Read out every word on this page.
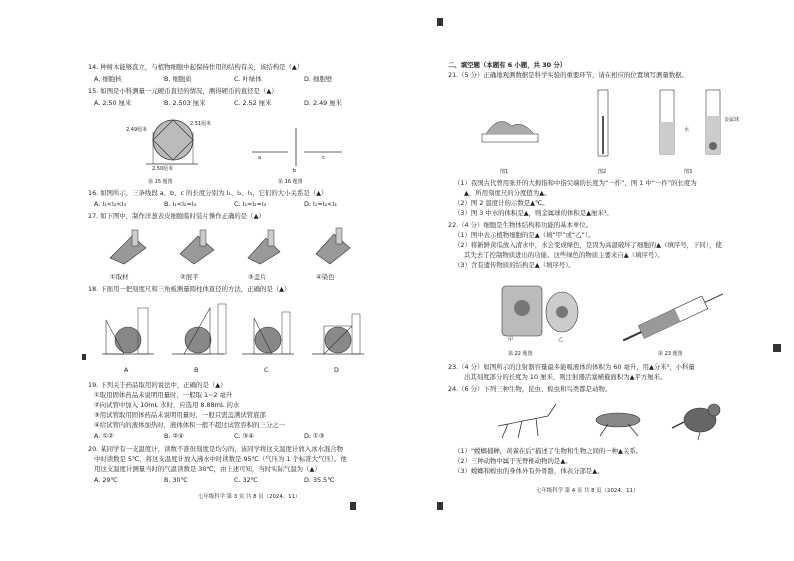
14. 种树木能够直立，与植物细胞中起保持作用的结构有关，该结构是（▲）
A. 细胞核	B. 细胞质	C. 叶绿体	D. 细胞壁
15. 如图是小科测量一元硬币直径的情况，测得硬币的直径是（▲）
A. 2.50 厘米	B. 2.503 厘米	C. 2.52 厘米	D. 2.49 厘米
2.49厘米
2.51厘米
2.50厘米
第 15 题图
a
b
c
第 16 题图
16. 如图所示，三条线段 a、b、c 的长度分别为 l₁、l₂、l₃，它们的大小关系是（▲）
A. l₁<l₂<l₃	B. l₁<l₂=l₃	C. l₁=l₂=l₃	D. l₁=l₂<l₃
17. 如下图中，制作洋葱表皮细胞临时装片操作正确的是（▲）
①取材	②展平	③盖片	④染色
18. 下面用一把刻度尺和三角板测量圆柱体直径的方法，正确的是（▲）
A	B	C	D
19. 下列关于药品取用的说法中，正确的是（▲）
①取用固体药品未说明用量时，一般取 1~2 毫升
②向试管中加入 10mL 水时，应选用 8.88mL 的水
③用试管取用固体药品未说明用量时，一般只需盖满试管底部
④给试管内的液体加热时，液体体积一般不超过试管容积的三分之一
A. ①②	B. ②④	C. ③④	D. ①③
20. 某同学有一支温度计，读数不准但刻度是均匀的，该同学将这支温度计放入冰水混合物
中时读数是 5℃，将这支温度计放入沸水中时读数是 95℃（气压为 1 个标准大气压）。他
用这支温度计测量当时的气温读数是 30℃，由上述可知，当时实际气温为（▲）
A. 29℃	B. 30℃	C. 32℃	D. 35.5℃
七年级科学 第 3 页 共 8 页（2024．11）
二、填空题（本题有 6 小题，共 30 分）
21.（5 分）正确地观测数据是科学实验的重要环节，请在相应的位置填写测量数据。
水
金属球
图1	图2	图3
（1）我国古代曾用张开的大拇指和中指尖端的长度为“一拃”，图 1 中“一拃”的长度为
▲，所用刻度尺的分度值为▲。
（2）图 2 温度计的示数是▲℃。
（3）图 3 中水的体积是▲，则金属球的体积是▲厘米³。
22.（4 分）细胞是生物体结构和功能的基本单位。
（1）图中表示植物细胞的是▲（填“甲”或“乙”）。
（2）将新鲜黄瓜放入清水中，水会变成绿色，是因为高温破坏了细胞的▲（填序号，下同），使
其失去了控制物质进出的功能。这些绿色的物质主要来自▲（填序号）。
（3）含有遗传物质的结构是▲（填序号）。
甲	乙
第 22 题图	第 23 题图
23.（4 分）如图所示的注射器容量最多能吸液体的体积为 60 毫升，用▲分米³，小科量
出其刻度部分的长度为 10 厘米，则注射器活塞横截面积为▲平方厘米。
24.（6 分）下列三种生物，昆虫、蝗虫和鸟类都是动物。
（1）“螳螂捕蝉，黄雀在后”描述了生物和生物之间的一种▲关系。
（2）三种动物中属于无脊椎动物的是▲。
（3）螳螂和蝗虫的身体外有外骨骼，体表分部是▲。
七年级科学 第 4 页 共 8 页（2024．11）
